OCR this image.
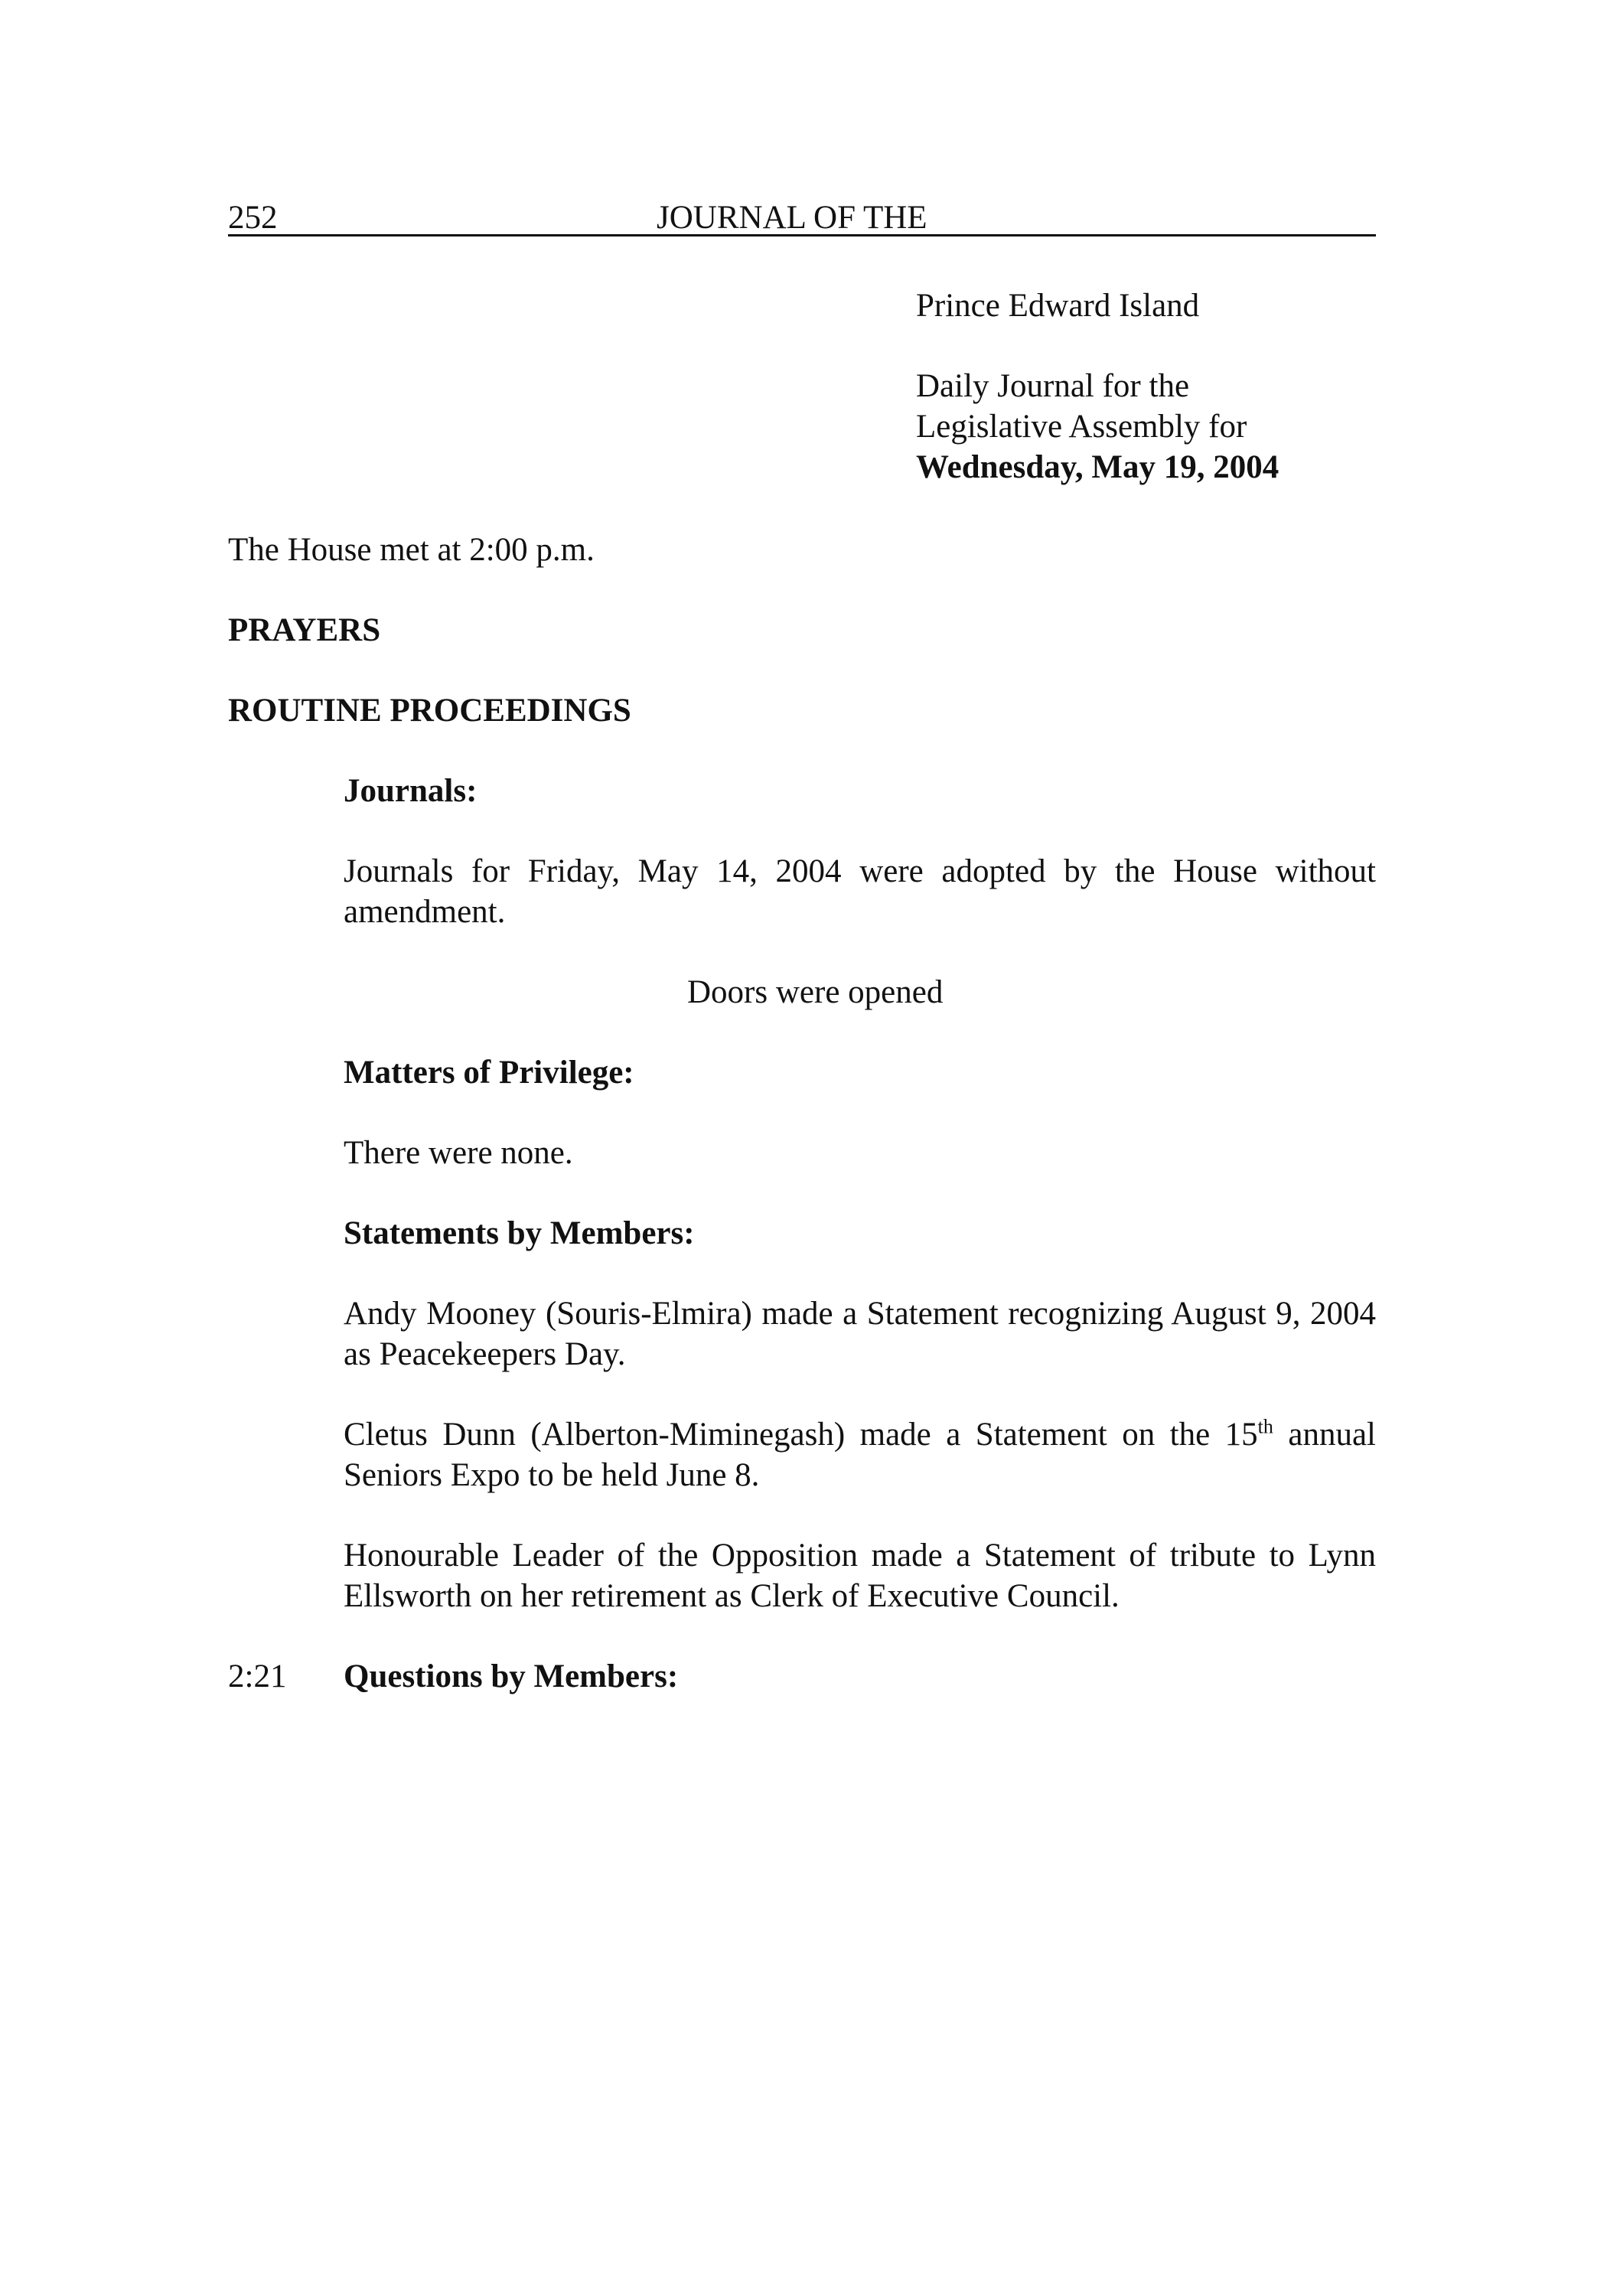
252	JOURNAL OF THE
Prince Edward Island
Daily Journal for the
Legislative Assembly for
Wednesday, May 19, 2004
The House met at 2:00 p.m.
PRAYERS
ROUTINE PROCEEDINGS
Journals:
Journals for Friday, May 14, 2004 were adopted by the House without amendment.
Doors were opened
Matters of Privilege:
There were none.
Statements by Members:
Andy Mooney (Souris-Elmira) made a Statement recognizing August 9, 2004 as Peacekeepers Day.
Cletus Dunn (Alberton-Miminegash) made a Statement on the 15th annual Seniors Expo to be held June 8.
Honourable Leader of the Opposition made a Statement of tribute to Lynn Ellsworth on her retirement as Clerk of Executive Council.
2:21 Questions by Members:
